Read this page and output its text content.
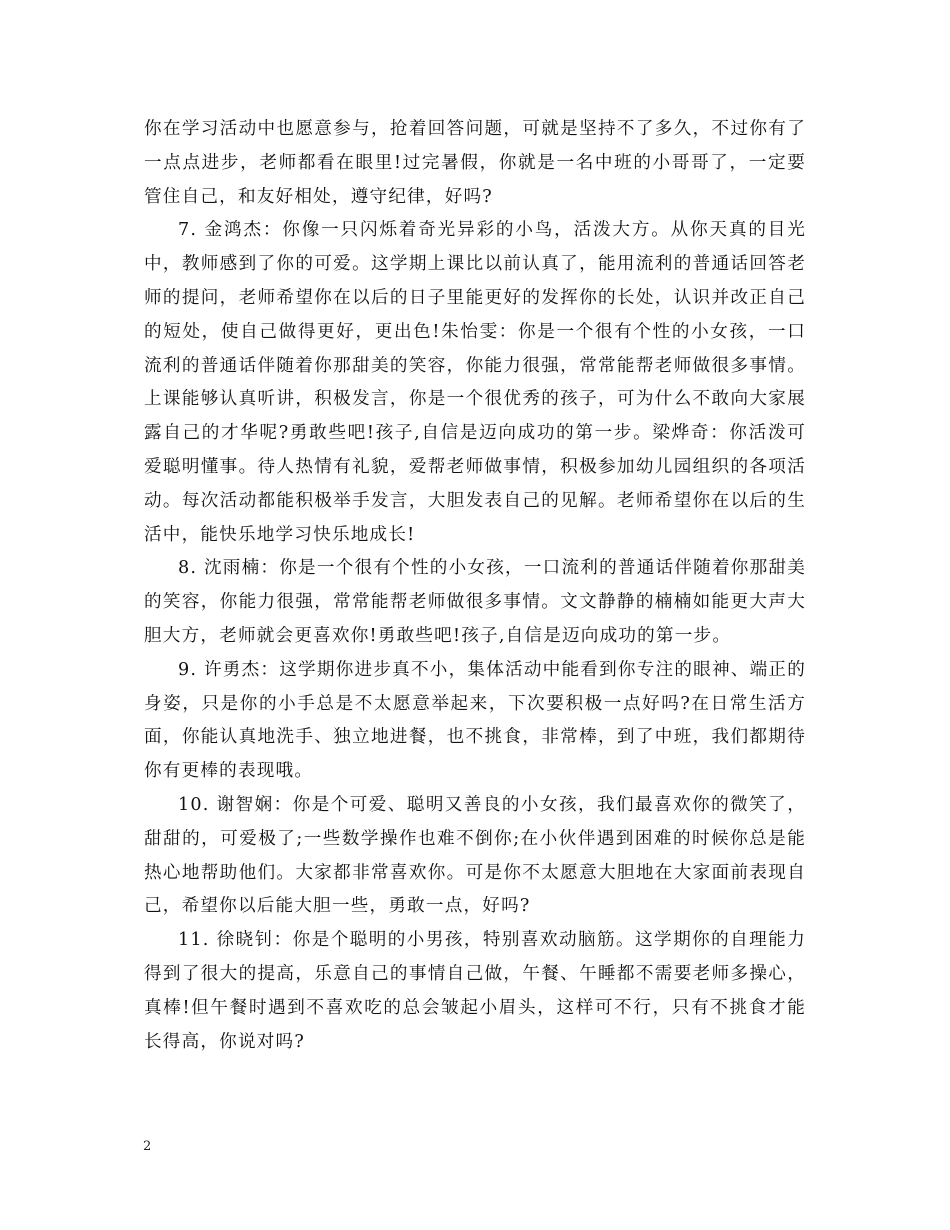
你在学习活动中也愿意参与，抢着回答问题，可就是坚持不了多久，不过你有了一点点进步，老师都看在眼里!过完暑假，你就是一名中班的小哥哥了，一定要管住自己，和友好相处，遵守纪律，好吗?

7. 金鸿杰：你像一只闪烁着奇光异彩的小鸟，活泼大方。从你天真的目光中，教师感到了你的可爱。这学期上课比以前认真了，能用流利的普通话回答老师的提问，老师希望你在以后的日子里能更好的发挥你的长处，认识并改正自己的短处，使自己做得更好，更出色!朱怡雯：你是一个很有个性的小女孩，一口流利的普通话伴随着你那甜美的笑容，你能力很强，常常能帮老师做很多事情。上课能够认真听讲，积极发言，你是一个很优秀的孩子，可为什么不敢向大家展露自己的才华呢?勇敢些吧!孩子,自信是迈向成功的第一步。梁烨奇：你活泼可爱聪明懂事。待人热情有礼貌，爱帮老师做事情，积极参加幼儿园组织的各项活动。每次活动都能积极举手发言，大胆发表自己的见解。老师希望你在以后的生活中，能快乐地学习快乐地成长!

8. 沈雨楠：你是一个很有个性的小女孩，一口流利的普通话伴随着你那甜美的笑容，你能力很强，常常能帮老师做很多事情。文文静静的楠楠如能更大声大胆大方，老师就会更喜欢你!勇敢些吧!孩子,自信是迈向成功的第一步。

9. 许勇杰：这学期你进步真不小，集体活动中能看到你专注的眼神、端正的身姿，只是你的小手总是不太愿意举起来，下次要积极一点好吗?在日常生活方面，你能认真地洗手、独立地进餐，也不挑食，非常棒，到了中班，我们都期待你有更棒的表现哦。

10. 谢智娴：你是个可爱、聪明又善良的小女孩，我们最喜欢你的微笑了，甜甜的，可爱极了;一些数学操作也难不倒你;在小伙伴遇到困难的时候你总是能热心地帮助他们。大家都非常喜欢你。可是你不太愿意大胆地在大家面前表现自己，希望你以后能大胆一些，勇敢一点，好吗?

11. 徐晓钊：你是个聪明的小男孩，特别喜欢动脑筋。这学期你的自理能力得到了很大的提高，乐意自己的事情自己做，午餐、午睡都不需要老师多操心，真棒!但午餐时遇到不喜欢吃的总会皱起小眉头，这样可不行，只有不挑食才能长得高，你说对吗?

2
